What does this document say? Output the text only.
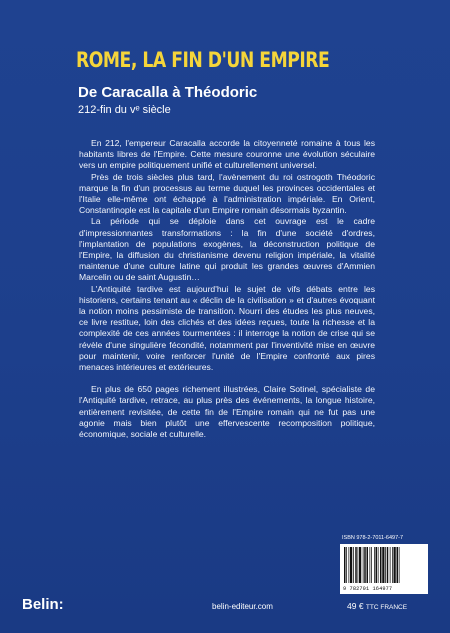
ROME, LA FIN D'UN EMPIRE
De Caracalla à Théodoric
212-fin du vᵉ siècle

En 212, l'empereur Caracalla accorde la citoyenneté romaine à tous les habitants libres de l'Empire. Cette mesure couronne une évolution séculaire vers un empire politiquement unifié et culturellement universel.

Près de trois siècles plus tard, l'avènement du roi ostrogoth Théodoric marque la fin d'un processus au terme duquel les provinces occidentales et l'Italie elle-même ont échappé à l'administration impériale. En Orient, Constantinople est la capitale d'un Empire romain désormais byzantin.

La période qui se déploie dans cet ouvrage est le cadre d'impressionnantes transformations : la fin d'une société d'ordres, l'implantation de populations exogènes, la déconstruction politique de l'Empire, la diffusion du christianisme devenu religion impériale, la vitalité maintenue d'une culture latine qui produit les grandes œuvres d'Ammien Marcelin ou de saint Augustin…

L'Antiquité tardive est aujourd'hui le sujet de vifs débats entre les historiens, certains tenant au « déclin de la civilisation » et d'autres évoquant la notion moins pessimiste de transition. Nourri des études les plus neuves, ce livre restitue, loin des clichés et des idées reçues, toute la richesse et la complexité de ces années tourmentées : il interroge la notion de crise qui se révèle d'une singulière fécondité, notamment par l'inventivité mise en œuvre pour maintenir, voire renforcer l'unité de l'Empire confronté aux pires menaces intérieures et extérieures.

En plus de 650 pages richement illustrées, Claire Sotinel, spécialiste de l'Antiquité tardive, retrace, au plus près des événements, la longue histoire, entièrement revisitée, de cette fin de l'Empire romain qui ne fut pas une agonie mais bien plutôt une effervescente recomposition politique, économique, sociale et culturelle.

Belin:	belin-editeur.com
ISBN 978-2-7011-6497-7
9 782701 164977
49 € TTC FRANCE
